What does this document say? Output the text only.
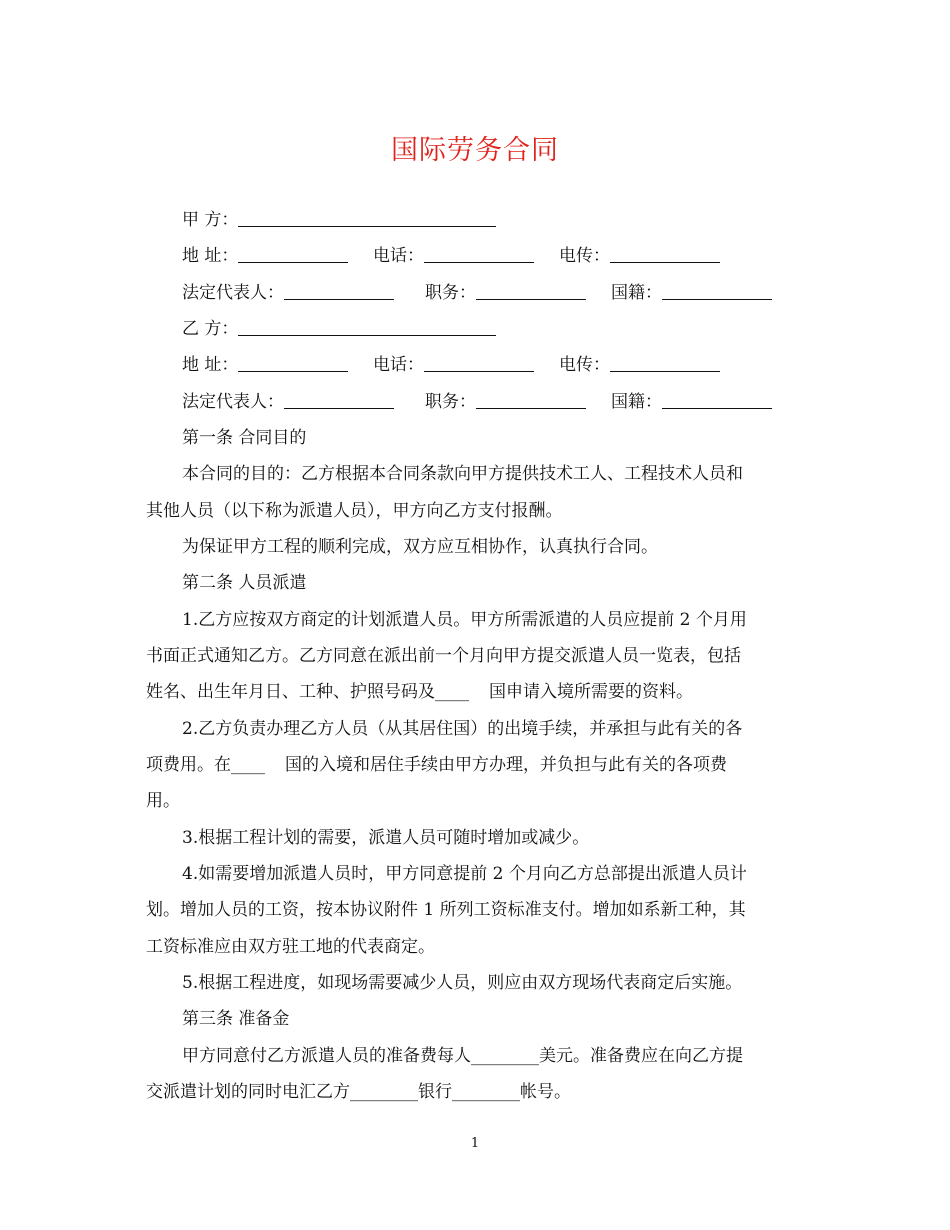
国际劳务合同
甲 方：
地 址：	电话：	电传：
法定代表人：	职务：	国籍：
乙 方：
地 址：	电话：	电传：
法定代表人：	职务：	国籍：
第一条 合同目的
本合同的目的：乙方根据本合同条款向甲方提供技术工人、工程技术人员和
其他人员（以下称为派遣人员），甲方向乙方支付报酬。
为保证甲方工程的顺利完成，双方应互相协作，认真执行合同。
第二条 人员派遣
1.乙方应按双方商定的计划派遣人员。甲方所需派遣的人员应提前 2 个月用
书面正式通知乙方。乙方同意在派出前一个月向甲方提交派遣人员一览表，包括
姓名、出生年月日、工种、护照号码及____ 国申请入境所需要的资料。
2.乙方负责办理乙方人员（从其居住国）的出境手续，并承担与此有关的各
项费用。在____ 国的入境和居住手续由甲方办理，并负担与此有关的各项费
用。
3.根据工程计划的需要，派遣人员可随时增加或减少。
4.如需要增加派遣人员时，甲方同意提前 2 个月向乙方总部提出派遣人员计
划。增加人员的工资，按本协议附件 1 所列工资标准支付。增加如系新工种，其
工资标准应由双方驻工地的代表商定。
5.根据工程进度，如现场需要减少人员，则应由双方现场代表商定后实施。
第三条 准备金
甲方同意付乙方派遣人员的准备费每人________美元。准备费应在向乙方提
交派遣计划的同时电汇乙方________银行________帐号。
1
